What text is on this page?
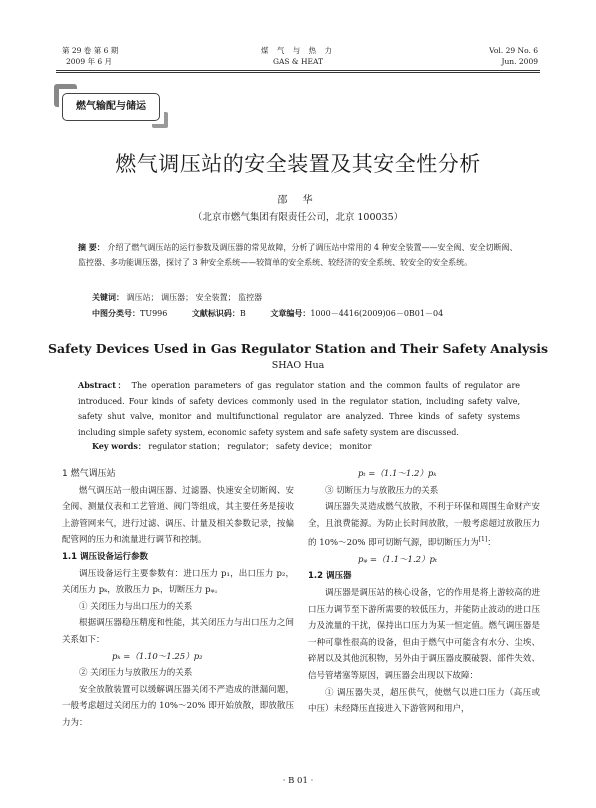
第 29 卷 第 6 期
2009 年 6 月
煤 气 与 热 力
GAS & HEAT
Vol. 29 No. 6
Jun. 2009
燃气输配与储运
燃气调压站的安全装置及其安全性分析
邵 华
（北京市燃气集团有限责任公司，北京 100035）
摘 要： 介绍了燃气调压站的运行参数及调压器的常见故障，分析了调压站中常用的 4 种安全装置——安全阀、安全切断阀、监控器、多功能调压器，探讨了 3 种安全系统——较简单的安全系统、较经济的安全系统、较安全的安全系统。
关键词： 调压站； 调压器； 安全装置； 监控器
中图分类号：TU996	文献标识码：B	文章编号：1000－4416(2009)06－0B01－04
Safety Devices Used in Gas Regulator Station and Their Safety Analysis
SHAO Hua
Abstract： The operation parameters of gas regulator station and the common faults of regulator are introduced. Four kinds of safety devices commonly used in the regulator station, including safety valve, safety shut valve, monitor and multifunctional regulator are analyzed. Three kinds of safety systems including simple safety system, economic safety system and safe safety system are discussed.
Key words： regulator station； regulator； safety device； monitor

1 燃气调压站

燃气调压站一般由调压器、过滤器、快速安全切断阀、安全阀、测量仪表和工艺管道、阀门等组成，其主要任务是接收上游管网来气，进行过滤、调压、计量及相关参数记录，按偏配管网的压力和流量进行调节和控制。

1.1 调压设备运行参数

调压设备运行主要参数有：进口压力 p₁，出口压力 p₂，关闭压力 pₖ，放散压力 pₜ，切断压力 pᵩ。

① 关闭压力与出口压力的关系

根据调压器稳压精度和性能，其关闭压力与出口压力之间关系如下：

pₖ =（1.10～1.25）p₂

② 关闭压力与放散压力的关系

安全放散装置可以缓解调压器关闭不严造成的泄漏问题，一般考虑超过关闭压力的 10%～20% 即开始放散，即放散压力为：

pₜ =（1.1～1.2）pₖ

③ 切断压力与放散压力的关系

调压器失灵造成燃气放散，不利于环保和周围生命财产安全，且浪费能源。为防止长时间放散，一般考虑超过放散压力的 10%～20% 即可切断气源，即切断压力为[1]：

pᵩ =（1.1～1.2）pₜ

1.2 调压器

调压器是调压站的核心设备，它的作用是将上游较高的进口压力调节至下游所需要的较低压力，并能防止波动的进口压力及流量的干扰，保持出口压力为某一恒定值。燃气调压器是一种可靠性很高的设备，但由于燃气中可能含有水分、尘埃、碎屑以及其他沉积物，另外由于调压器皮膜破裂、部件失效、信号管堵塞等原因，调压器会出现以下故障：

① 调压器失灵，超压供气，使燃气以进口压力（高压或中压）未经降压直接进入下游管网和用户，

· B 01 ·
